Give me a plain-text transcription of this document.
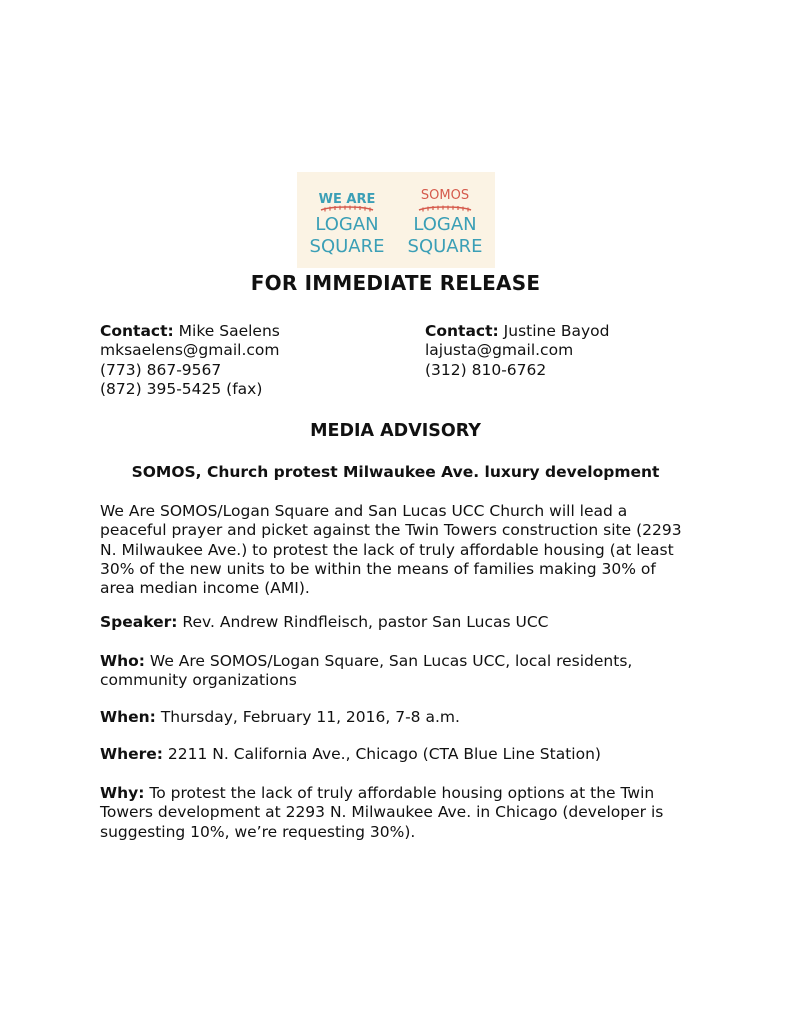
WE ARE
LOGAN
SQUARE
SOMOS
LOGAN
SQUARE
FOR IMMEDIATE RELEASE
Contact: Mike Saelens
mksaelens@gmail.com
(773) 867-9567
(872) 395-5425 (fax)
Contact: Justine Bayod
lajusta@gmail.com
(312) 810-6762
MEDIA ADVISORY
SOMOS, Church protest Milwaukee Ave. luxury development
We Are SOMOS/Logan Square and San Lucas UCC Church will lead a
peaceful prayer and picket against the Twin Towers construction site (2293
N. Milwaukee Ave.) to protest the lack of truly affordable housing (at least
30% of the new units to be within the means of families making 30% of
area median income (AMI).
Speaker: Rev. Andrew Rindfleisch, pastor San Lucas UCC
Who: We Are SOMOS/Logan Square, San Lucas UCC, local residents,
community organizations
When: Thursday, February 11, 2016, 7-8 a.m.
Where: 2211 N. California Ave., Chicago (CTA Blue Line Station)
Why: To protest the lack of truly affordable housing options at the Twin
Towers development at 2293 N. Milwaukee Ave. in Chicago (developer is
suggesting 10%, we’re requesting 30%).
